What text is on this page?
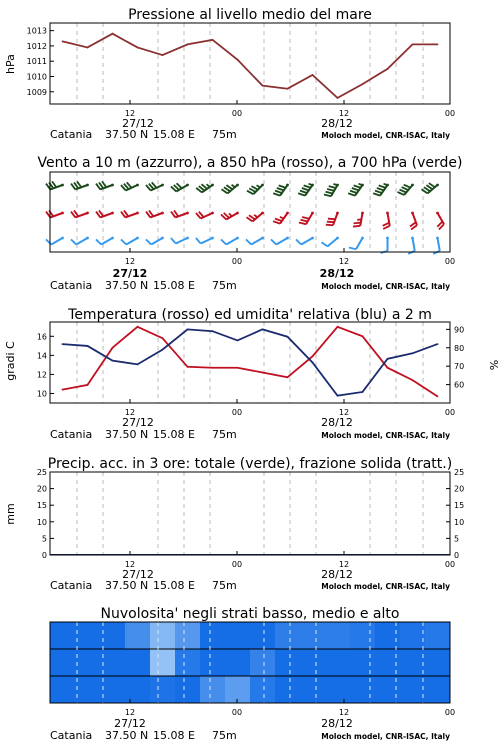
Pressione al livello medio del mare
hPa
1009
1010
1011
1012
1013
12	00	12	00
27/12	28/12
Catania 37.50 N 15.08 E 75m	Moloch model, CNR-ISAC, Italy
Vento a 10 m (azzurro), a 850 hPa (rosso), a 700 hPa (verde)
12	00	12	00
27/12	28/12
Catania 37.50 N 15.08 E 75m	Moloch model, CNR-ISAC, Italy
Temperatura (rosso) ed umidita' relativa (blu) a 2 m
gradi C	%
10
12
14
16
60
70
80
90
12	00	12	00
27/12	28/12
Catania 37.50 N 15.08 E 75m	Moloch model, CNR-ISAC, Italy
Precip. acc. in 3 ore: totale (verde), frazione solida (tratt.)
mm
0
5
10
15
20
25
0
5
10
15
20
25
12	00	12	00
27/12	28/12
Catania 37.50 N 15.08 E 75m	Moloch model, CNR-ISAC, Italy
Nuvolosita' negli strati basso, medio e alto
12	00	12	00
27/12	28/12
Catania 37.50 N 15.08 E 75m	Moloch model, CNR-ISAC, Italy
